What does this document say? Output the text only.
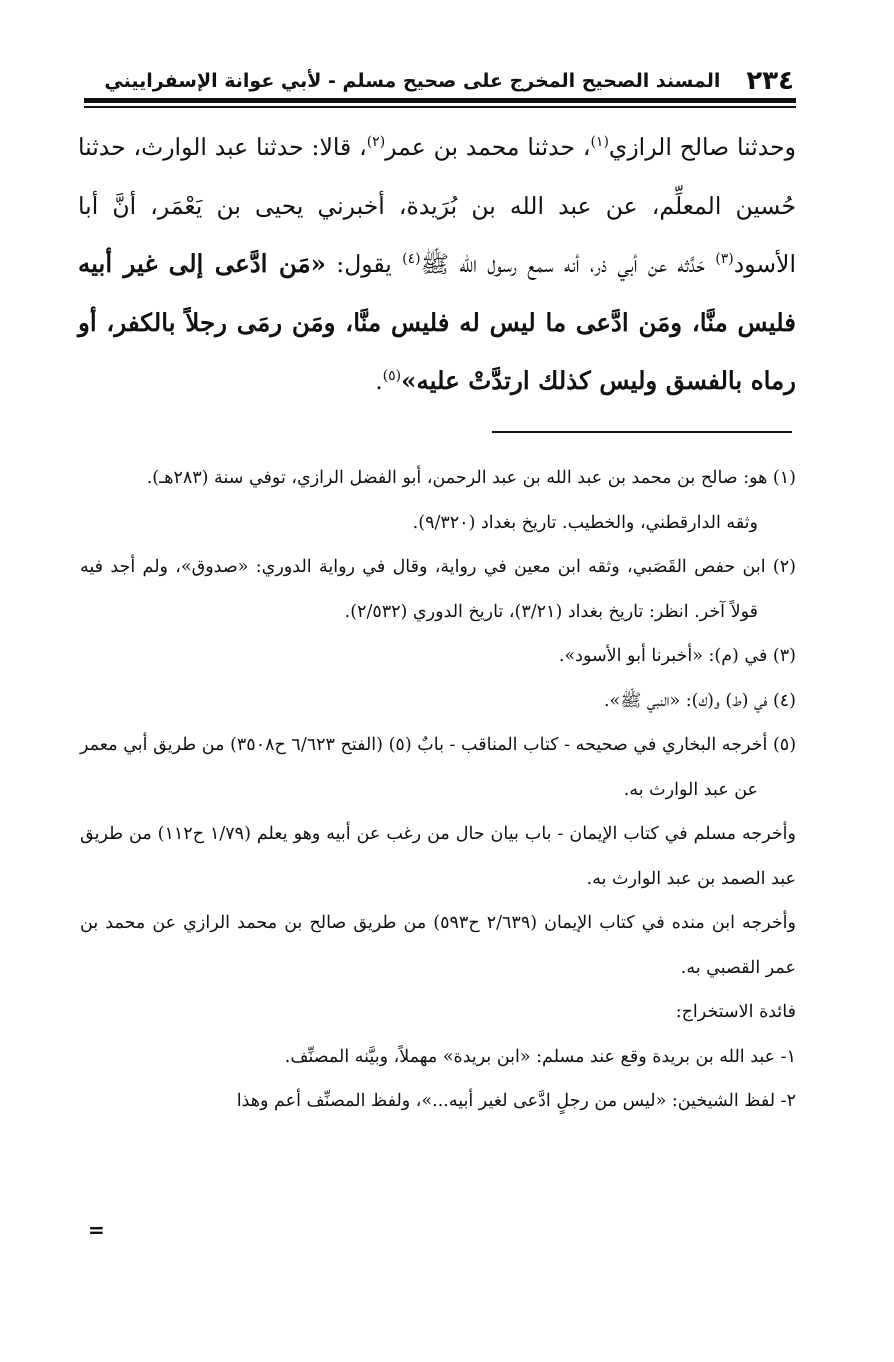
٢٣٤
المسند الصحيح المخرج على صحيح مسلم - لأبي عوانة الإسفراييني

وحدثنا صالح الرازي$^{(١)}$، حدثنا محمد بن عمر$^{(٢)}$، قالا: حدثنا عبد الوارث، حدثنا حُسين المعلِّم، عن عبد الله بن بُرَيدة، أخبرني يحيى بن يَعْمَر، أنَّ أبا الأسود$^{(٣)}$ حَدَّثه عن أبي ذر، أنه سمع رسول الله ﷺ$^{(٤)}$ يقول: «مَن ادَّعى إلى غير أبيه فليس منَّا، ومَن ادَّعى ما ليس له فليس منَّا، ومَن رمَى رجلاً بالكفر، أو رماه بالفسق وليس كذلك ارتدَّتْ عليه»$^{(٥)}$.

(١) هو: صالح بن محمد بن عبد الله بن عبد الرحمن، أبو الفضل الرازي، توفي سنة (٢٨٣هـ).

وثقه الدارقطني، والخطيب. تاريخ بغداد (٩/٣٢٠).

(٢) ابن حفص القَصَبي، وثقه ابن معين في رواية، وقال في رواية الدوري: «صدوق»، ولم أجد فيه قولاً آخر. انظر: تاريخ بغداد (٣/٢١)، تاريخ الدوري (٢/٥٣٢).

(٣) في (م): «أخبرنا أبو الأسود».

(٤) في (ط) و(ك): «النبي ﷺ».

(٥) أخرجه البخاري في صحيحه - كتاب المناقب - بابٌ (٥) (الفتح ٦/٦٢٣ ح٣٥٠٨) من طريق أبي معمر عن عبد الوارث به.

وأخرجه مسلم في كتاب الإيمان - باب بيان حال من رغب عن أبيه وهو يعلم (١/٧٩ ح١١٢) من طريق عبد الصمد بن عبد الوارث به.

وأخرجه ابن منده في كتاب الإيمان (٢/٦٣٩ ح٥٩٣) من طريق صالح بن محمد الرازي عن محمد بن عمر القصبي به.

فائدة الاستخراج:

١- عبد الله بن بريدة وقع عند مسلم: «ابن بريدة» مهملاً، وبيَّنه المصنِّف.

٢- لفظ الشيخين: «ليس من رجلٍ ادَّعى لغير أبيه...»، ولفظ المصنِّف أعم وهذا

=
